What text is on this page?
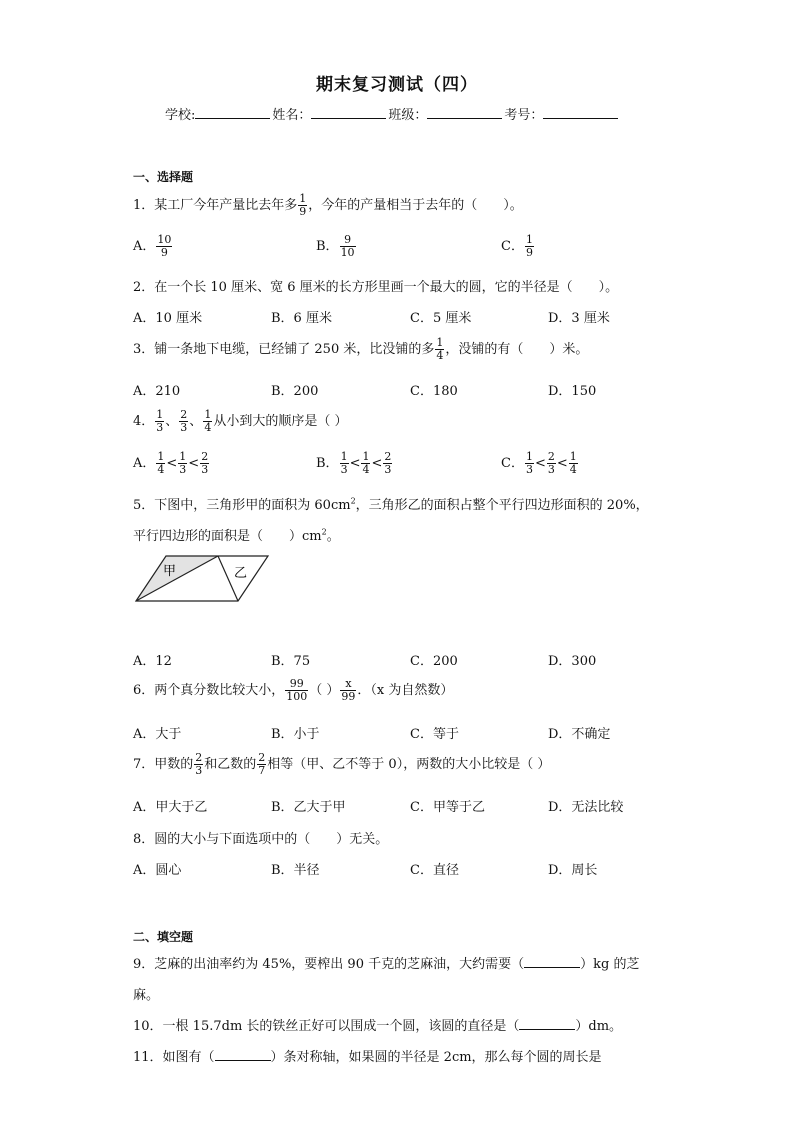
期末复习测试（四）
学校:	姓名：	班级：	考号：
一、选择题
1．某工厂今年产量比去年多 $\frac{1}{9}$ ，今年的产量相当于去年的（　　）。
A． $\frac{10}{9}$	B． $\frac{9}{10}$	C． $\frac{1}{9}$
2．在一个长 10 厘米、宽 6 厘米的长方形里画一个最大的圆，它的半径是（　　）。
A．10 厘米	B．6 厘米	C．5 厘米	D．3 厘米
3．铺一条地下电缆，已经铺了 250 米，比没铺的多 $\frac{1}{4}$ ，没铺的有（　　）米。
A．210	B．200	C．180	D．150
4． $\frac{1}{3}$ 、 $\frac{2}{3}$ 、 $\frac{1}{4}$ 从小到大的顺序是（ ）
A． $\frac{1}{4} < \frac{1}{3} < \frac{2}{3}$	B． $\frac{1}{3} < \frac{1}{4} < \frac{2}{3}$	C． $\frac{1}{3} < \frac{2}{3} < \frac{1}{4}$
5．下图中，三角形甲的面积为 $60cm^2$，三角形乙的面积占整个平行四边形面积的 20%，
平行四边形的面积是（　　）$cm^2$。
甲	乙
A．12	B．75	C．200	D．300
6．两个真分数比较大小， $\frac{99}{100}$ （ ） $\frac{x}{99}$ ．（x 为自然数）
A．大于	B．小于	C．等于	D．不确定
7．甲数的 $\frac{2}{3}$ 和乙数的 $\frac{2}{7}$ 相等（甲、乙不等于 0），两数的大小比较是（ ）
A．甲大于乙	B．乙大于甲	C．甲等于乙	D．无法比较
8．圆的大小与下面选项中的（　　）无关。
A．圆心	B．半径	C．直径	D．周长
二、填空题
9．芝麻的出油率约为 45%，要榨出 90 千克的芝麻油，大约需要（	）kg 的芝
麻。
10．一根 15.7dm 长的铁丝正好可以围成一个圆，该圆的直径是（	）dm。
11．如图有（	）条对称轴，如果圆的半径是 2cm，那么每个圆的周长是
